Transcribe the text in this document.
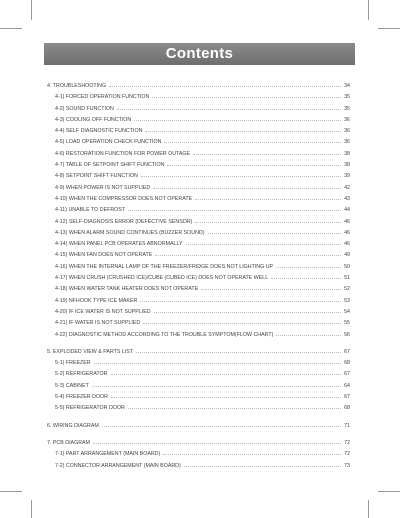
Contents
4. TROUBLESHOOTING	34
4-1) FORCED OPERATION FUNCTION	35
4-2) SOUND FUNCTION	35
4-3) COOLING OFF FUNCTION	36
4-4) SELF DIAGNOSTIC FUNCTION	36
4-5) LOAD OPERATION CHECK FUNCTION	36
4-6) RESTORATION FUNCTION FOR POWER OUTAGE	38
4-7) TABLE OF SETPOINT SHIFT FUNCTION	38
4-8) SETPOINT SHIFT FUNCTION	39
4-9) WHEN POWER IS NOT SUPPLIED	42
4-10) WHEN THE COMPRESSOR DOES NOT OPERATE	43
4-11) UNABLE TO DEFROST	44
4-12) SELF-DIAGNOSIS ERROR (DEFECTIVE SENSOR)	46
4-13) WHEN ALARM SOUND CONTINUES (BUZZER SOUND)	46
4-14) WHEN PANEL PCB OPERATES ABNORMALLY	46
4-15) WHEN FAN DOES NOT OPERATE	49
4-16) WHEN THE INTERNAL LAMP OF THE FREEZER/FRIDGE DOES NOT LIGHTING UP	50
4-17) WHEN CRUSH (CRUSHED ICE)/CUBE (CUBED ICE) DOES NOT OPERATE WELL	51
4-18) WHEN WATER TANK HEATER DOES NOT OPERATE	52
4-19) NFHOOK TYPE ICE MAKER	53
4-20) IF ICE WATER IS NOT SUPPLIED	54
4-21) IF WATER IS NOT SUPPLIED	55
4-22) DIAGNOSTIC METHOD ACCORDING TO THE TROUBLE SYMPTOM(FLOW CHART)	56
5. EXPLODED VIEW & PARTS LIST	67
5-1) FREEZER	68
5-2) REFRIGERATOR	67
5-3) CABINET	64
5-4) FREEZER DOOR	67
5-5) REFRIGERATOR DOOR	68
6. WIRING DIAGRAM	71
7. PCB DIAGRAM	72
7-1) PART ARRANGEMENT (MAIN BOARD)	72
7-2) CONNECTOR ARRANGEMENT (MAIN BOARD)	73
